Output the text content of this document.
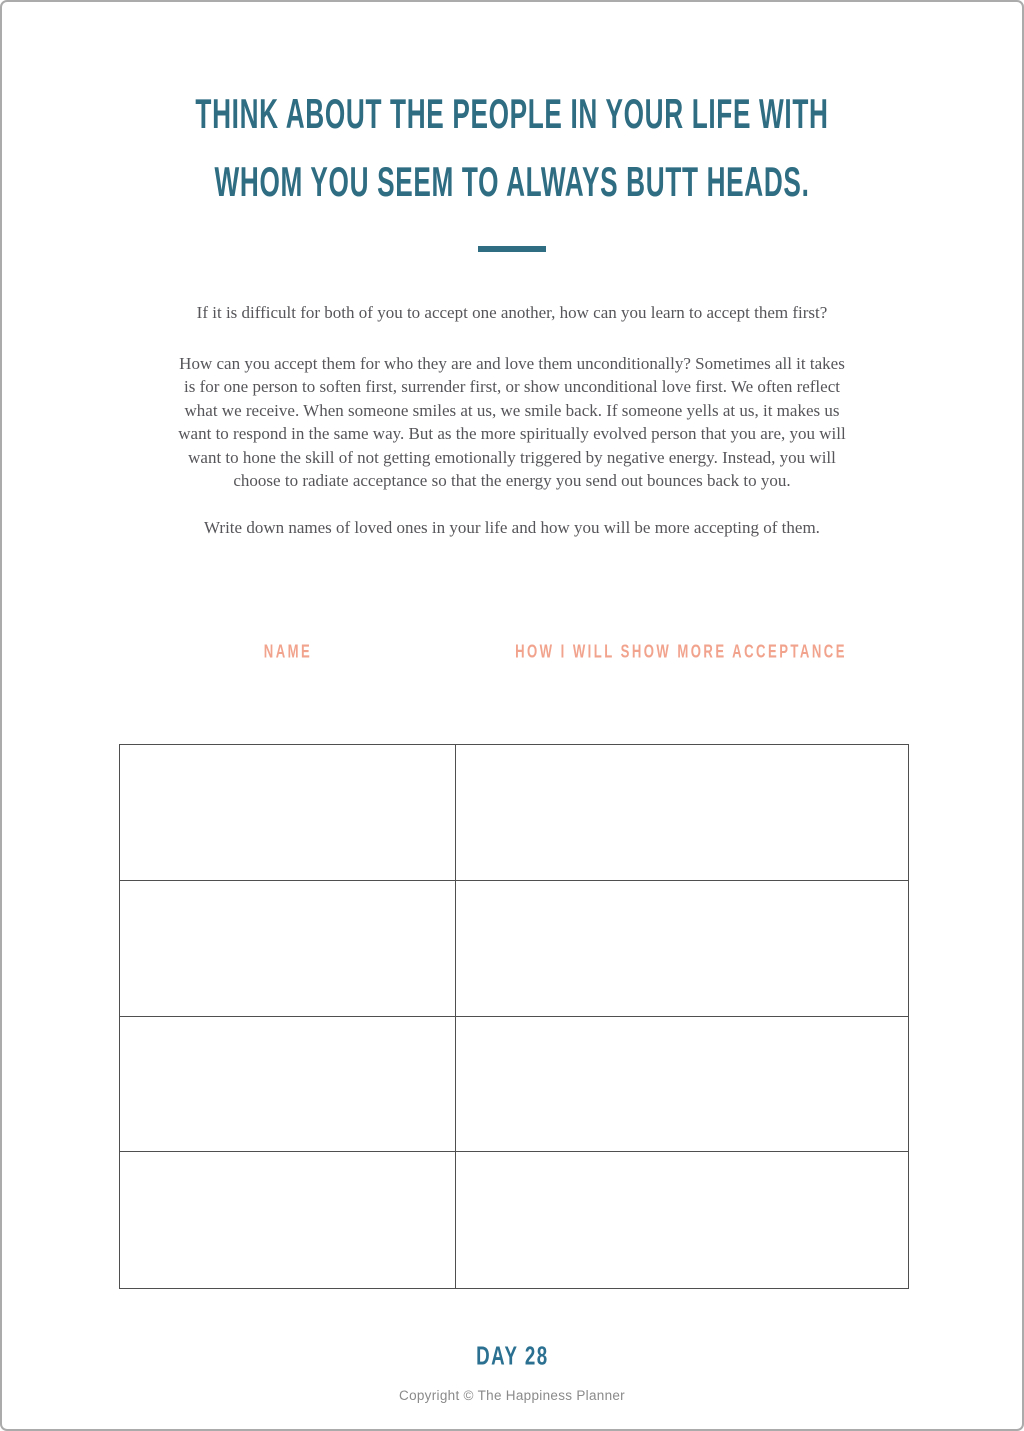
THINK ABOUT THE PEOPLE IN YOUR LIFE WITH
WHOM YOU SEEM TO ALWAYS BUTT HEADS.

If it is difficult for both of you to accept one another, how can you learn to accept them first?

How can you accept them for who they are and love them unconditionally? Sometimes all it takes
is for one person to soften first, surrender first, or show unconditional love first. We often reflect
what we receive. When someone smiles at us, we smile back. If someone yells at us, it makes us
want to respond in the same way. But as the more spiritually evolved person that you are, you will
want to hone the skill of not getting emotionally triggered by negative energy. Instead, you will
choose to radiate acceptance so that the energy you send out bounces back to you.

Write down names of loved ones in your life and how you will be more accepting of them.

NAME	HOW I WILL SHOW MORE ACCEPTANCE
DAY 28
Copyright © The Happiness Planner
